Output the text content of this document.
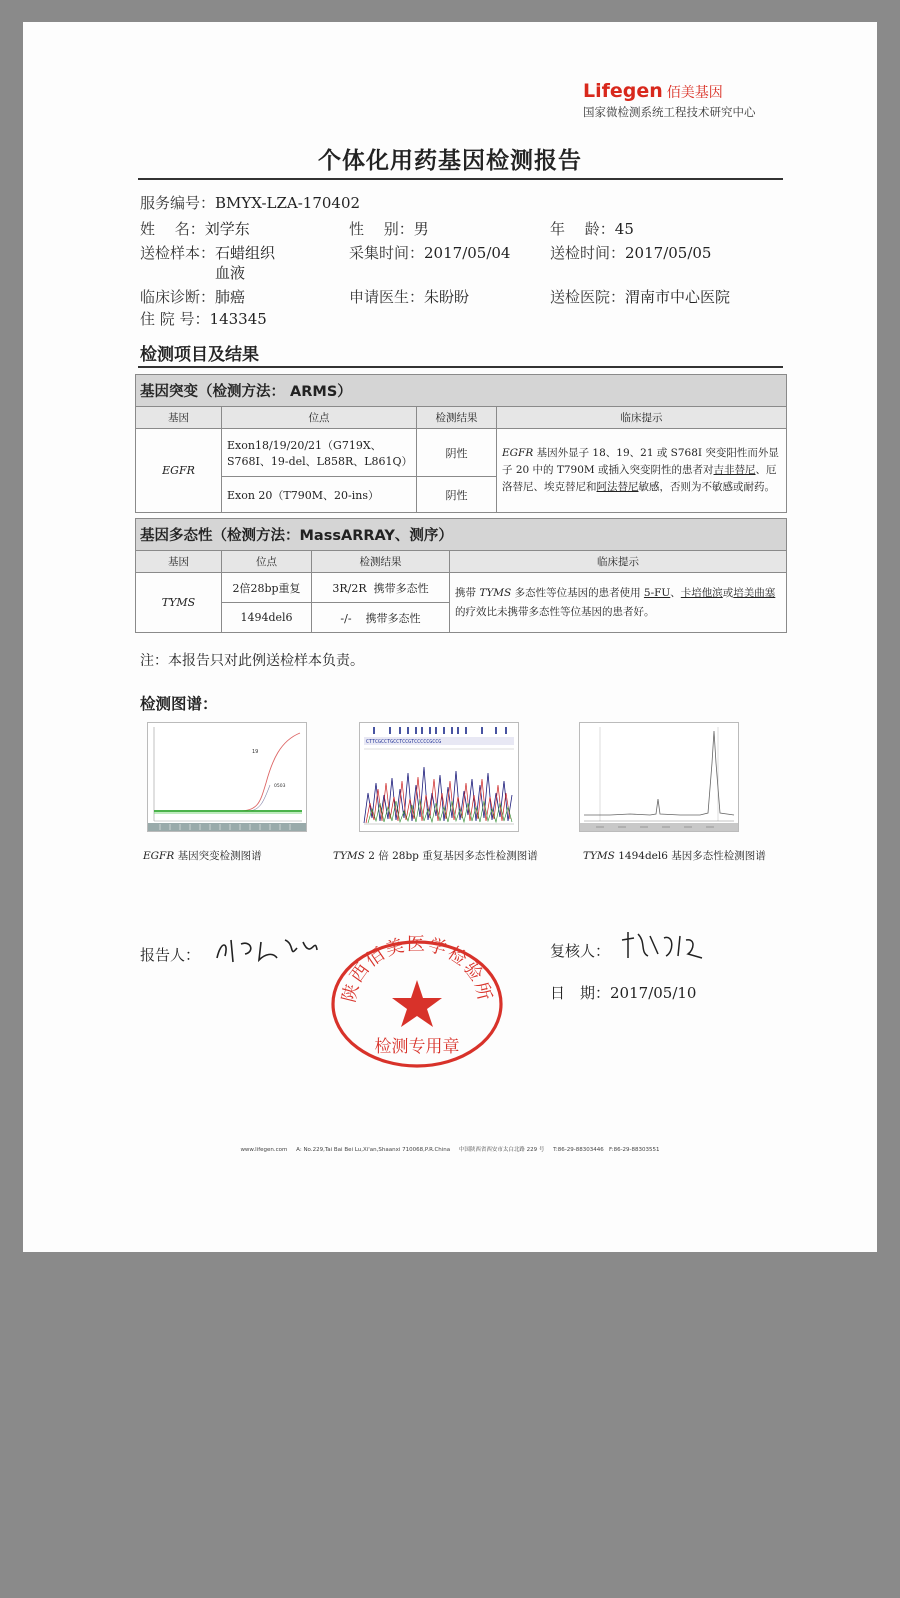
Lifegen 佰美基因
国家微检测系统工程技术研究中心
个体化用药基因检测报告
服务编号：BMYX-LZA-170402
姓　 名：刘学东	性　 别：男	年　 龄：45
送检样本：石蜡组织
血液
采集时间：2017/05/04	送检时间：2017/05/05
临床诊断：肺癌	申请医生：朱盼盼	送检医院：渭南市中心医院
住 院 号：143345
检测项目及结果
基因突变（检测方法： ARMS）			
基因	位点	检测结果	临床提示
EGFR	Exon18/19/20/21（G719X、S768I、19-del、L858R、L861Q）	阴性	EGFR 基因外显子 18、19、21 或 S768I 突变阳性而外显子 20 中的 T790M 或插入突变阴性的患者对吉非替尼、厄洛替尼、埃克替尼和阿法替尼敏感，否则为不敏感或耐药。
	Exon 20（T790M、20-ins）	阴性	
基因多态性（检测方法：MassARRAY、测序）			
基因	位点	检测结果	临床提示
TYMS	2倍28bp重复	3R/2R 携带多态性	携带 TYMS 多态性等位基因的患者使用 5-FU、卡培他滨或培美曲塞的疗效比未携带多态性等位基因的患者好。
	1494del6	-/- 携带多态性	
注：本报告只对此例送检样本负责。
检测图谱：
19
0503
CTTCGCCTGCCTCCGTCCCCCGCCG
EGFR 基因突变检测图谱	TYMS 2 倍 28bp 重复基因多态性检测图谱	TYMS 1494del6 基因多态性检测图谱
报告人：	复核人：
日　期：2017/05/10
陕西佰美医学检验所
检测专用章
www.lifegen.com A: No.229,Tai Bai Bei Lu,Xi'an,Shaanxi 710068,P.R.China 中国陕西省西安市太白北路 229 号 T:86-29-88303446 F:86-29-88303551
